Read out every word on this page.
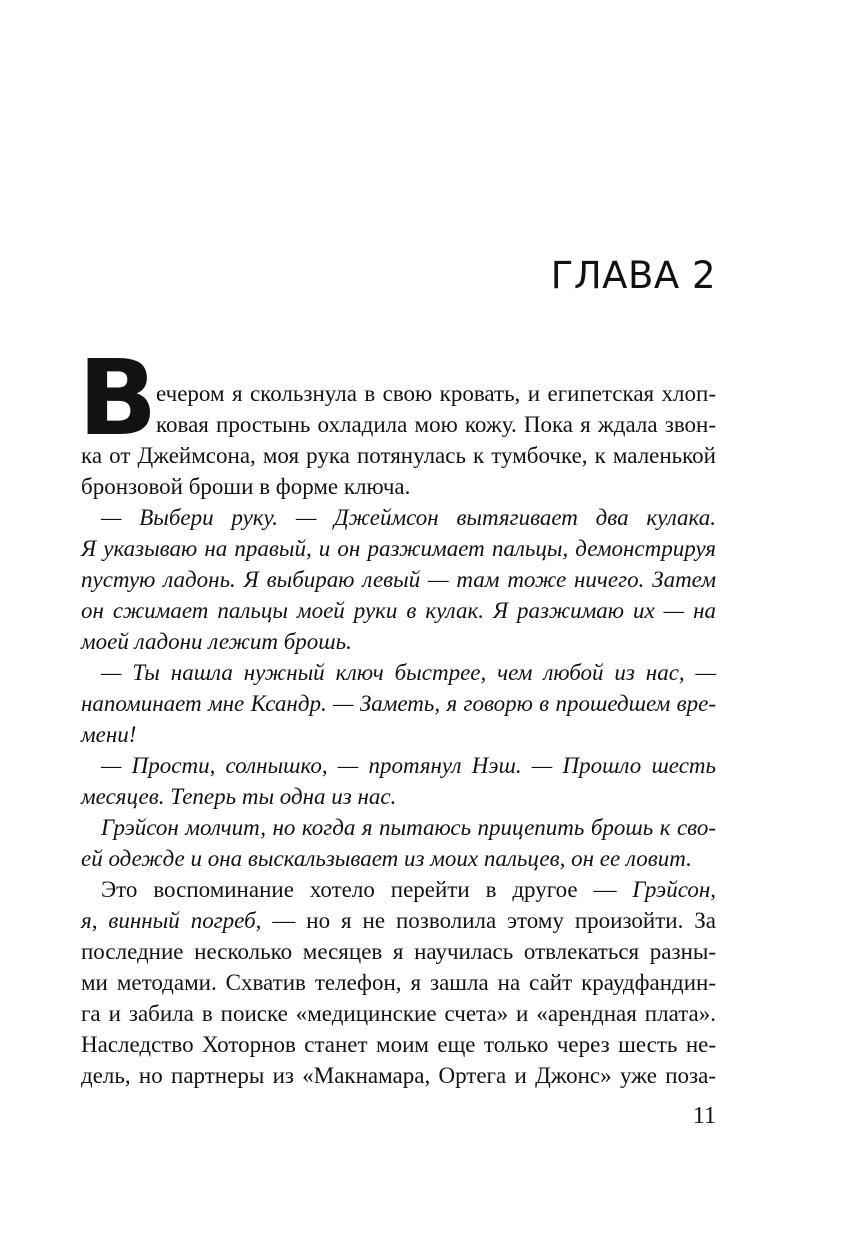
ГЛАВА 2
В
ечером я скользнула в свою кровать, и египетская хлоп-
ковая простынь охладила мою кожу. Пока я ждала звон-
ка от Джеймсона, моя рука потянулась к тумбочке, к маленькой
бронзовой броши в форме ключа.
— Выбери руку. — Джеймсон вытягивает два кулака.
Я указываю на правый, и он разжимает пальцы, демонстрируя
пустую ладонь. Я выбираю левый — там тоже ничего. Затем
он сжимает пальцы моей руки в кулак. Я разжимаю их — на
моей ладони лежит брошь.
— Ты нашла нужный ключ быстрее, чем любой из нас, —
напоминает мне Ксандр. — Заметь, я говорю в прошедшем вре-
мени!
— Прости, солнышко, — протянул Нэш. — Прошло шесть
месяцев. Теперь ты одна из нас.
Грэйсон молчит, но когда я пытаюсь прицепить брошь к сво-
ей одежде и она выскальзывает из моих пальцев, он ее ловит.
Это воспоминание хотело перейти в другое — Грэйсон,
я, винный погреб, — но я не позволила этому произойти. За
последние несколько месяцев я научилась отвлекаться разны-
ми методами. Схватив телефон, я зашла на сайт краудфандин-
га и забила в поиске «медицинские счета» и «арендная плата».
Наследство Хоторнов станет моим еще только через шесть не-
дель, но партнеры из «Макнамара, Ортега и Джонс» уже поза-
11
